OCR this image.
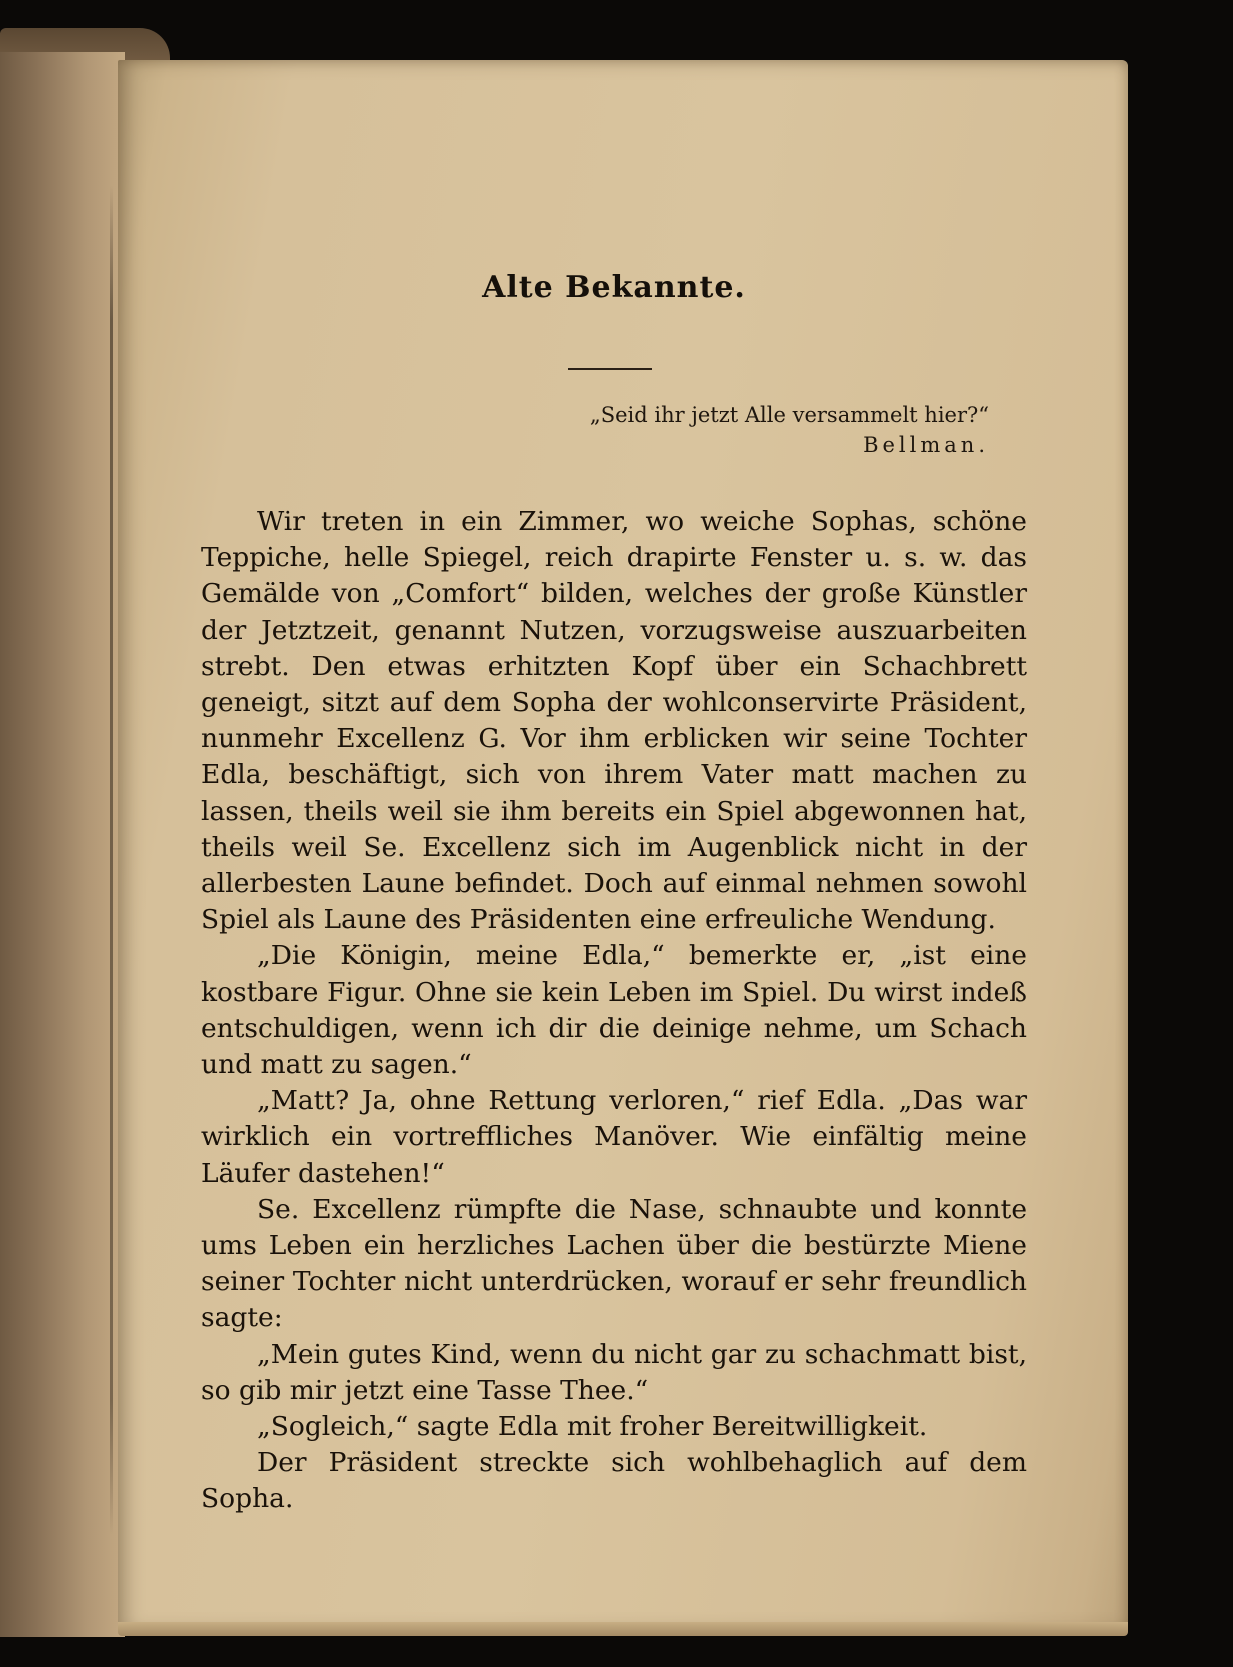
Alte Bekannte.
„Seid ihr jetzt Alle versammelt hier?“
Bellman.

Wir treten in ein Zimmer, wo weiche Sophas, schöne Teppiche, helle Spiegel, reich drapirte Fenster u. s. w. das Gemälde von „Comfort“ bilden, welches der große Künstler der Jetztzeit, genannt Nutzen, vorzugsweise auszuarbeiten strebt. Den etwas erhitzten Kopf über ein Schachbrett geneigt, sitzt auf dem Sopha der wohlconservirte Präsident, nunmehr Excellenz G. Vor ihm erblicken wir seine Tochter Edla, beschäftigt, sich von ihrem Vater matt machen zu lassen, theils weil sie ihm bereits ein Spiel abgewonnen hat, theils weil Se. Excellenz sich im Augenblick nicht in der allerbesten Laune befindet. Doch auf einmal nehmen sowohl Spiel als Laune des Präsidenten eine erfreuliche Wendung.

„Die Königin, meine Edla,“ bemerkte er, „ist eine kostbare Figur. Ohne sie kein Leben im Spiel. Du wirst indeß entschuldigen, wenn ich dir die deinige nehme, um Schach und matt zu sagen.“

„Matt? Ja, ohne Rettung verloren,“ rief Edla. „Das war wirklich ein vortreffliches Manöver. Wie einfältig meine Läufer dastehen!“

Se. Excellenz rümpfte die Nase, schnaubte und konnte ums Leben ein herzliches Lachen über die bestürzte Miene seiner Tochter nicht unterdrücken, worauf er sehr freundlich sagte:

„Mein gutes Kind, wenn du nicht gar zu schachmatt bist, so gib mir jetzt eine Tasse Thee.“

„Sogleich,“ sagte Edla mit froher Bereitwilligkeit.

Der Präsident streckte sich wohlbehaglich auf dem Sopha.
